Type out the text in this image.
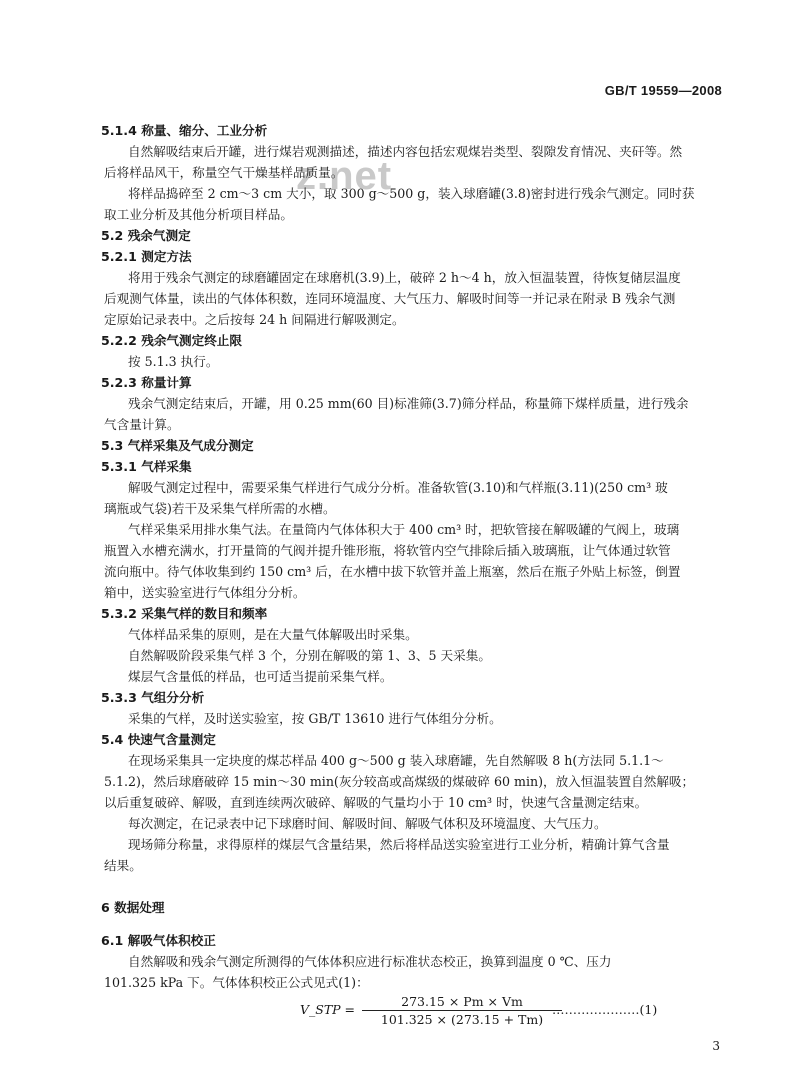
GB/T 19559—2008
z.net
5.1.4 称量、缩分、工业分析
自然解吸结束后开罐，进行煤岩观测描述，描述内容包括宏观煤岩类型、裂隙发育情况、夹矸等。然
后将样品风干，称量空气干燥基样品质量。
将样品捣碎至 2 cm～3 cm 大小，取 300 g～500 g，装入球磨罐(3.8)密封进行残余气测定。同时获
取工业分析及其他分析项目样品。
5.2 残余气测定
5.2.1 测定方法
将用于残余气测定的球磨罐固定在球磨机(3.9)上，破碎 2 h～4 h，放入恒温装置，待恢复储层温度
后观测气体量，读出的气体体积数，连同环境温度、大气压力、解吸时间等一并记录在附录 B 残余气测
定原始记录表中。之后按每 24 h 间隔进行解吸测定。
5.2.2 残余气测定终止限
按 5.1.3 执行。
5.2.3 称量计算
残余气测定结束后，开罐，用 0.25 mm(60 目)标准筛(3.7)筛分样品，称量筛下煤样质量，进行残余
气含量计算。
5.3 气样采集及气成分测定
5.3.1 气样采集
解吸气测定过程中，需要采集气样进行气成分分析。准备软管(3.10)和气样瓶(3.11)(250 cm³ 玻
璃瓶或气袋)若干及采集气样所需的水槽。
气样采集采用排水集气法。在量筒内气体体积大于 400 cm³ 时，把软管接在解吸罐的气阀上，玻璃
瓶置入水槽充满水，打开量筒的气阀并提升锥形瓶，将软管内空气排除后插入玻璃瓶，让气体通过软管
流向瓶中。待气体收集到约 150 cm³ 后，在水槽中拔下软管并盖上瓶塞，然后在瓶子外贴上标签，倒置
箱中，送实验室进行气体组分分析。
5.3.2 采集气样的数目和频率
气体样品采集的原则，是在大量气体解吸出时采集。
自然解吸阶段采集气样 3 个，分别在解吸的第 1、3、5 天采集。
煤层气含量低的样品，也可适当提前采集气样。
5.3.3 气组分分析
采集的气样，及时送实验室，按 GB/T 13610 进行气体组分分析。
5.4 快速气含量测定
在现场采集具一定块度的煤芯样品 400 g～500 g 装入球磨罐，先自然解吸 8 h(方法同 5.1.1～
5.1.2)，然后球磨破碎 15 min～30 min(灰分较高或高煤级的煤破碎 60 min)，放入恒温装置自然解吸；
以后重复破碎、解吸，直到连续两次破碎、解吸的气量均小于 10 cm³ 时，快速气含量测定结束。
每次测定，在记录表中记下球磨时间、解吸时间、解吸气体积及环境温度、大气压力。
现场筛分称量，求得原样的煤层气含量结果，然后将样品送实验室进行工业分析，精确计算气含量
结果。
6 数据处理
6.1 解吸气体积校正
自然解吸和残余气测定所测得的气体体积应进行标准状态校正，换算到温度 0 ℃、压力
101.325 kPa 下。气体体积校正公式见式(1)：
V_STP = $\frac{273.15 \times Pm \times Vm}{101.325 \times (273.15 + Tm)}$
…………………(1)
3
